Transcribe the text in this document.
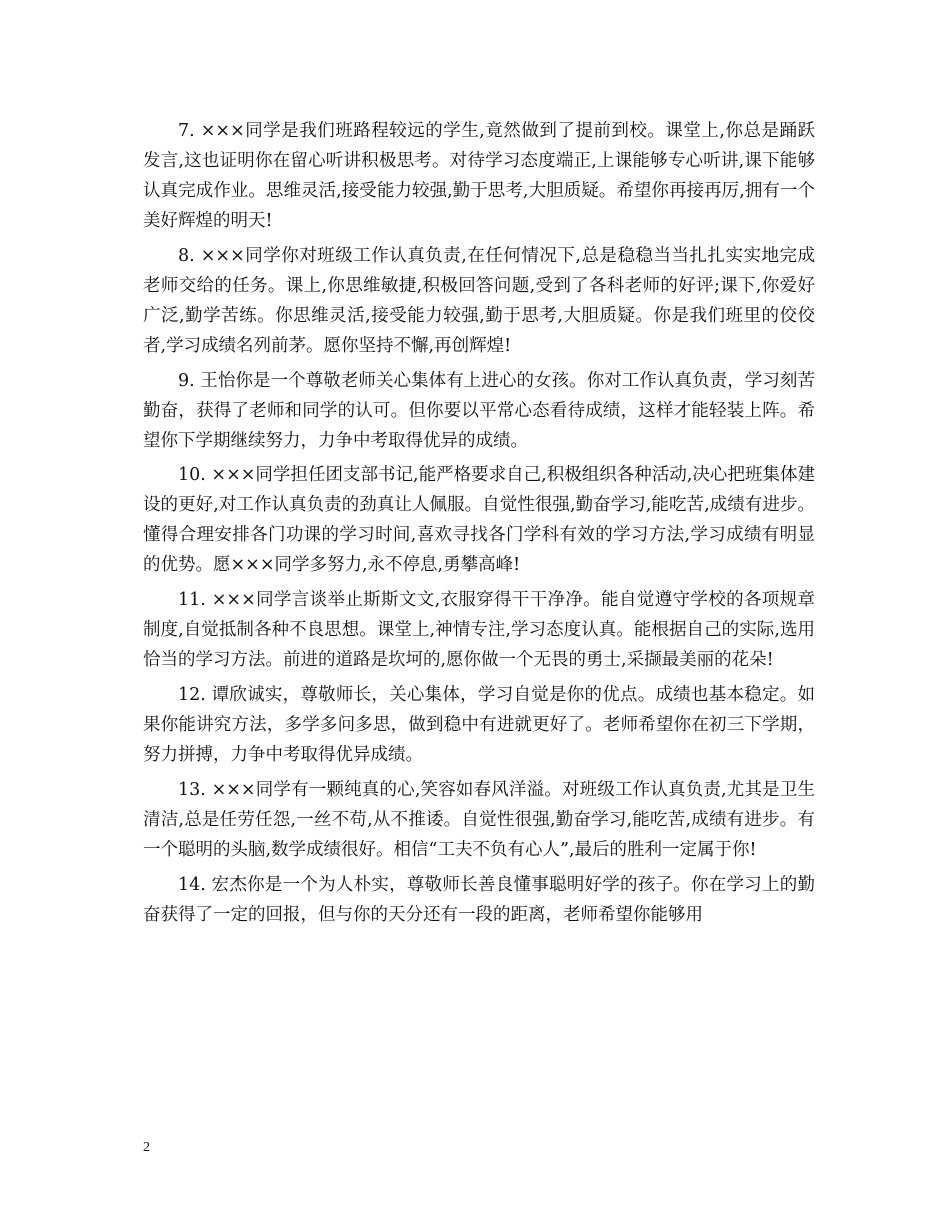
7. ×××同学是我们班路程较远的学生,竟然做到了提前到校。课堂上,你总是踊跃发言,这也证明你在留心听讲积极思考。对待学习态度端正,上课能够专心听讲,课下能够认真完成作业。思维灵活,接受能力较强,勤于思考,大胆质疑。希望你再接再厉,拥有一个美好辉煌的明天!

8. ×××同学你对班级工作认真负责,在任何情况下,总是稳稳当当扎扎实实地完成老师交给的任务。课上,你思维敏捷,积极回答问题,受到了各科老师的好评;课下,你爱好广泛,勤学苦练。你思维灵活,接受能力较强,勤于思考,大胆质疑。你是我们班里的佼佼者,学习成绩名列前茅。愿你坚持不懈,再创辉煌!

9. 王怡你是一个尊敬老师关心集体有上进心的女孩。你对工作认真负责，学习刻苦勤奋，获得了老师和同学的认可。但你要以平常心态看待成绩，这样才能轻装上阵。希望你下学期继续努力，力争中考取得优异的成绩。

10. ×××同学担任团支部书记,能严格要求自己,积极组织各种活动,决心把班集体建设的更好,对工作认真负责的劲真让人佩服。自觉性很强,勤奋学习,能吃苦,成绩有进步。懂得合理安排各门功课的学习时间,喜欢寻找各门学科有效的学习方法,学习成绩有明显的优势。愿×××同学多努力,永不停息,勇攀高峰!

11. ×××同学言谈举止斯斯文文,衣服穿得干干净净。能自觉遵守学校的各项规章制度,自觉抵制各种不良思想。课堂上,神情专注,学习态度认真。能根据自己的实际,选用恰当的学习方法。前进的道路是坎坷的,愿你做一个无畏的勇士,采撷最美丽的花朵!

12. 谭欣诚实，尊敬师长，关心集体，学习自觉是你的优点。成绩也基本稳定。如果你能讲究方法，多学多问多思，做到稳中有进就更好了。老师希望你在初三下学期，努力拼搏，力争中考取得优异成绩。

13. ×××同学有一颗纯真的心,笑容如春风洋溢。对班级工作认真负责,尤其是卫生清洁,总是任劳任怨,一丝不苟,从不推诿。自觉性很强,勤奋学习,能吃苦,成绩有进步。有一个聪明的头脑,数学成绩很好。相信“工夫不负有心人”,最后的胜利一定属于你!

14. 宏杰你是一个为人朴实，尊敬师长善良懂事聪明好学的孩子。你在学习上的勤奋获得了一定的回报，但与你的天分还有一段的距离，老师希望你能够用

2
